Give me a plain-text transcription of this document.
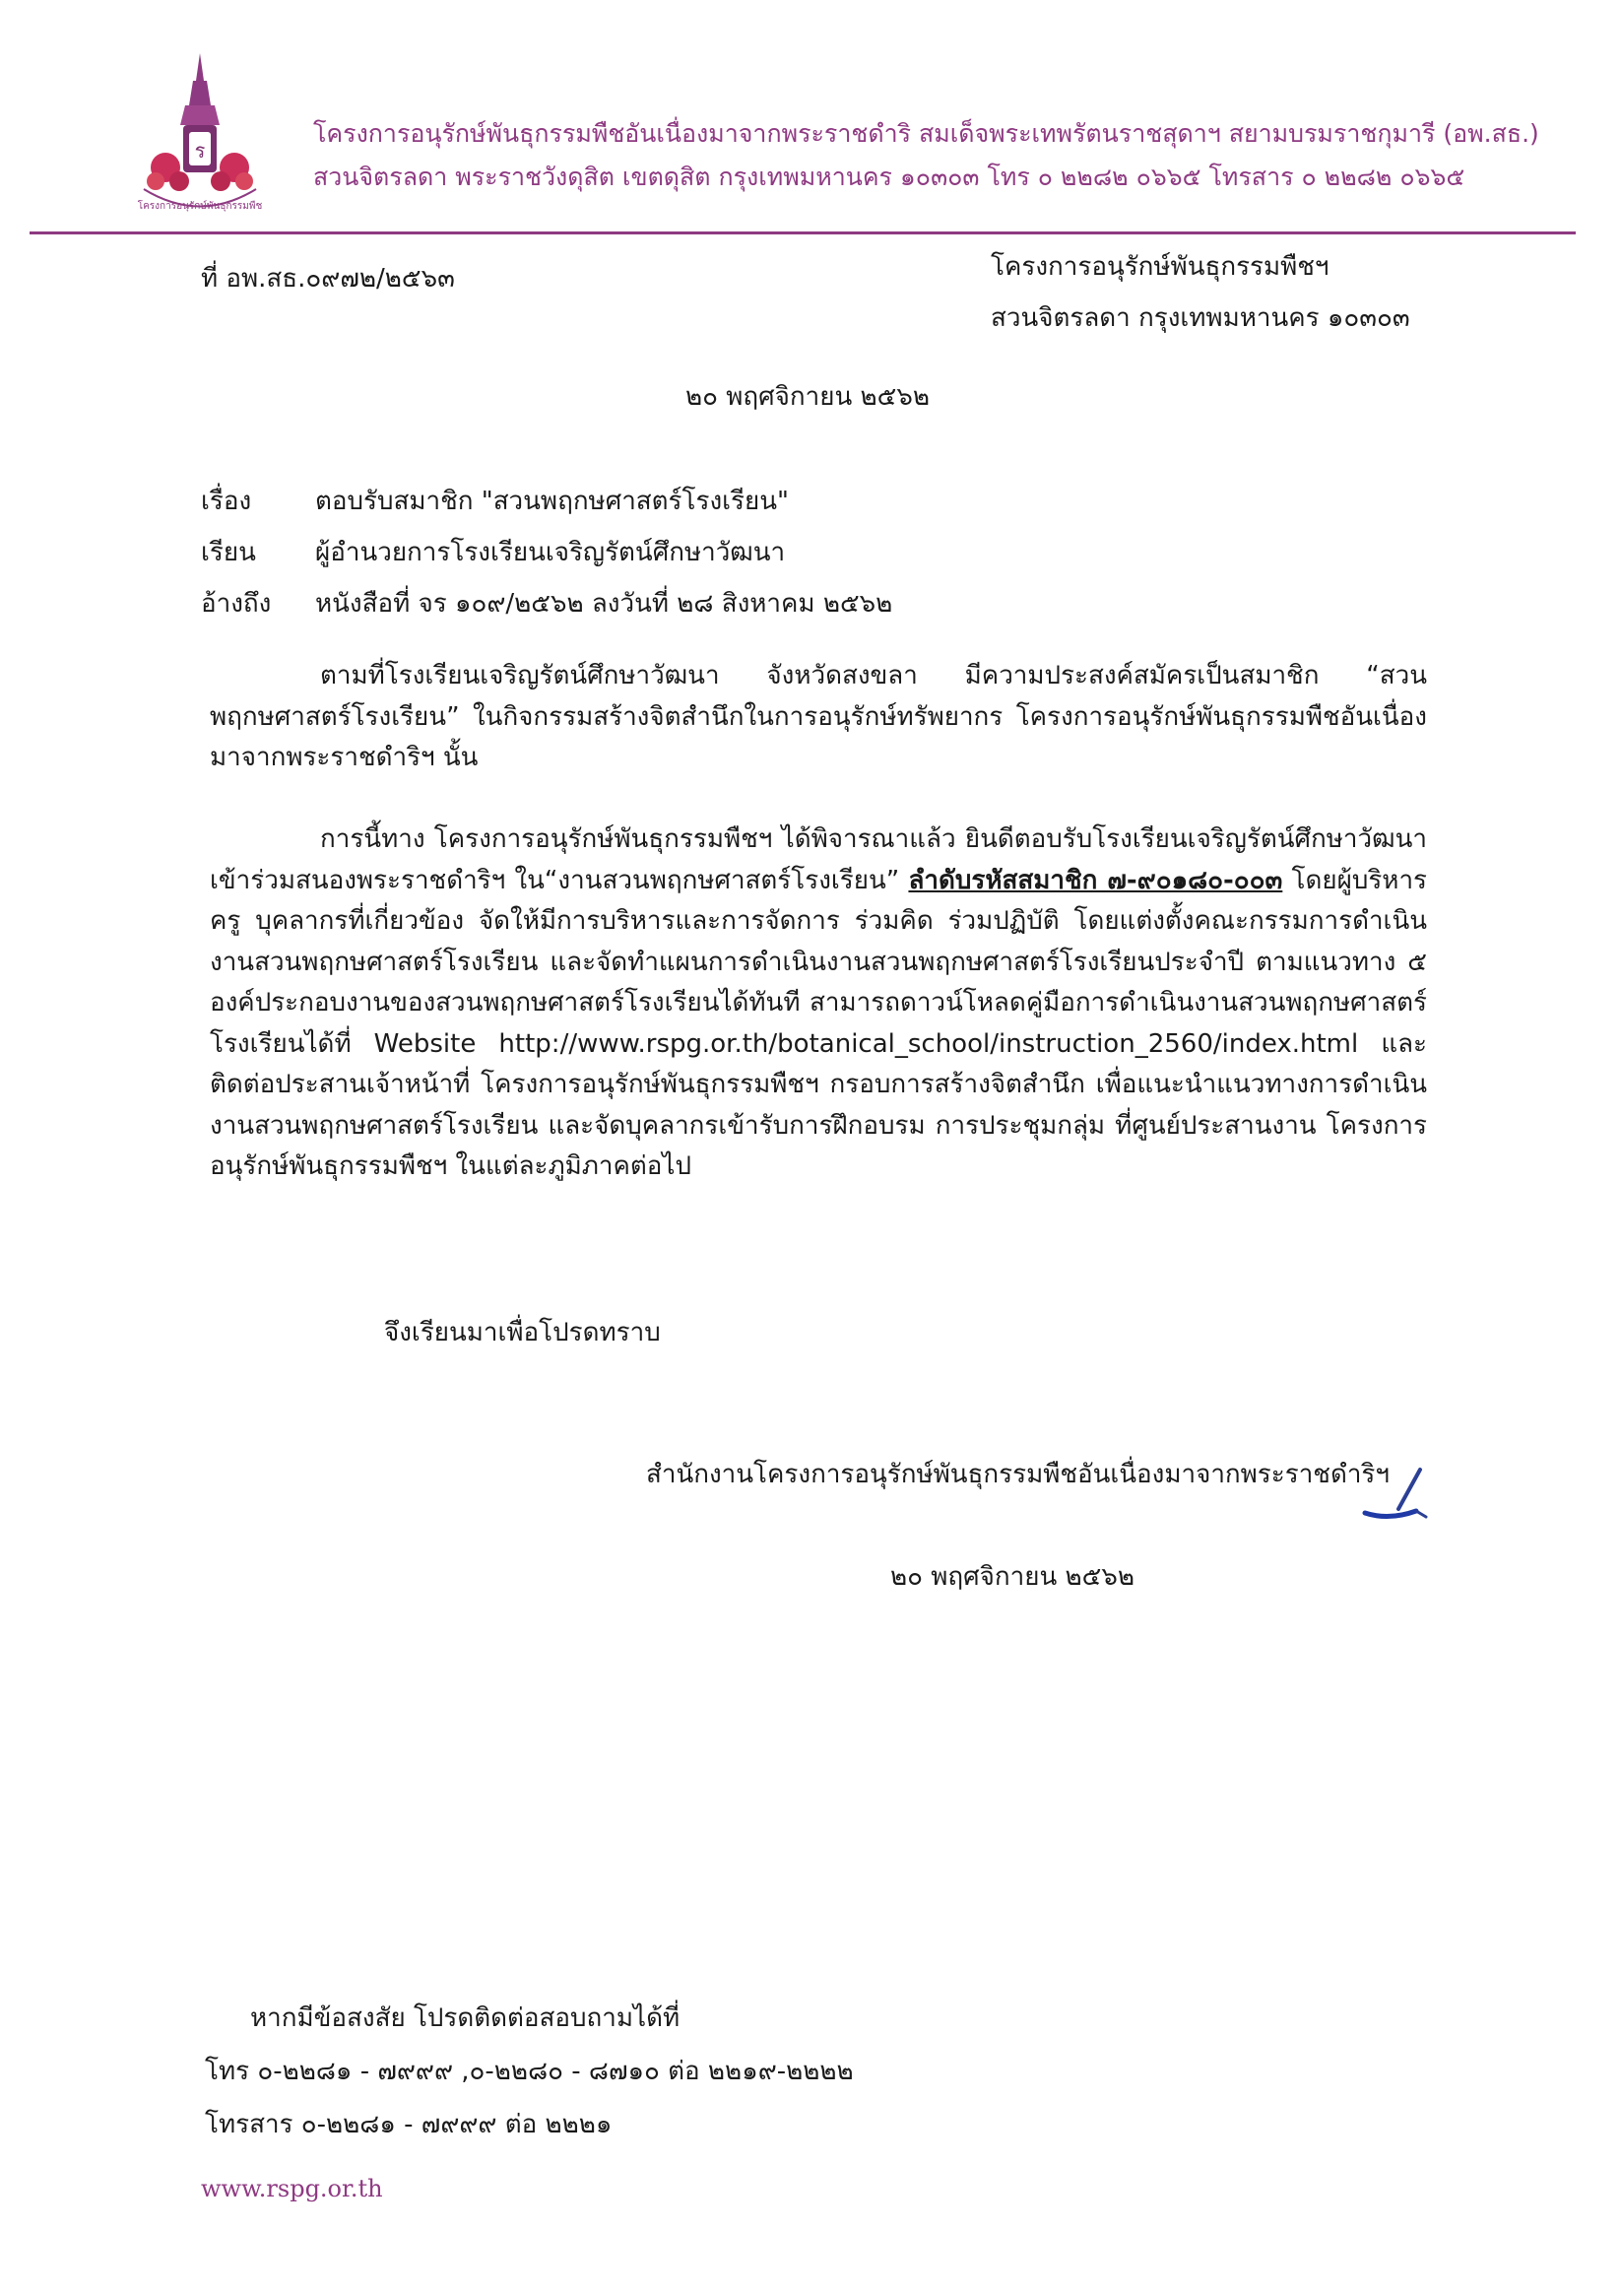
ร
โครงการอนุรักษ์พันธุกรรมพืช
โครงการอนุรักษ์พันธุกรรมพืชอันเนื่องมาจากพระราชดำริ สมเด็จพระเทพรัตนราชสุดาฯ สยามบรมราชกุมารี (อพ.สธ.)
สวนจิตรลดา พระราชวังดุสิต เขตดุสิต กรุงเทพมหานคร ๑๐๓๐๓ โทร ๐ ๒๒๘๒ ๐๖๖๕ โทรสาร ๐ ๒๒๘๒ ๐๖๖๕
ที่ อพ.สธ.๐๙๗๒/๒๕๖๓	โครงการอนุรักษ์พันธุกรรมพืชฯ
สวนจิตรลดา กรุงเทพมหานคร ๑๐๓๐๓
๒๐ พฤศจิกายน ๒๕๖๒
เรื่อง ตอบรับสมาชิก "สวนพฤกษศาสตร์โรงเรียน"
เรียน ผู้อำนวยการโรงเรียนเจริญรัตน์ศึกษาวัฒนา
อ้างถึง หนังสือที่ จร ๑๐๙/๒๕๖๒ ลงวันที่ ๒๘ สิงหาคม ๒๕๖๒
ตามที่โรงเรียนเจริญรัตน์ศึกษาวัฒนา จังหวัดสงขลา มีความประสงค์สมัครเป็นสมาชิก “สวนพฤกษศาสตร์โรงเรียน” ในกิจกรรมสร้างจิตสำนึกในการอนุรักษ์ทรัพยากร โครงการอนุรักษ์พันธุกรรมพืชอันเนื่องมาจากพระราชดำริฯ นั้น
การนี้ทาง โครงการอนุรักษ์พันธุกรรมพืชฯ ได้พิจารณาแล้ว ยินดีตอบรับโรงเรียนเจริญรัตน์ศึกษาวัฒนา เข้าร่วมสนองพระราชดำริฯ ใน“งานสวนพฤกษศาสตร์โรงเรียน” ลำดับรหัสสมาชิก ๗-๙๐๑๘๐-๐๐๓ โดยผู้บริหาร ครู บุคลากรที่เกี่ยวข้อง จัดให้มีการบริหารและการจัดการ ร่วมคิด ร่วมปฏิบัติ โดยแต่งตั้งคณะกรรมการดำเนินงานสวนพฤกษศาสตร์โรงเรียน และจัดทำแผนการดำเนินงานสวนพฤกษศาสตร์โรงเรียนประจำปี ตามแนวทาง ๕ องค์ประกอบงานของสวนพฤกษศาสตร์โรงเรียนได้ทันที สามารถดาวน์โหลดคู่มือการดำเนินงานสวนพฤกษศาสตร์โรงเรียนได้ที่ Website http://www.rspg.or.th/botanical_school/instruction_2560/index.html และติดต่อประสานเจ้าหน้าที่ โครงการอนุรักษ์พันธุกรรมพืชฯ กรอบการสร้างจิตสำนึก เพื่อแนะนำแนวทางการดำเนินงานสวนพฤกษศาสตร์โรงเรียน และจัดบุคลากรเข้ารับการฝึกอบรม การประชุมกลุ่ม ที่ศูนย์ประสานงาน โครงการอนุรักษ์พันธุกรรมพืชฯ ในแต่ละภูมิภาคต่อไป
จึงเรียนมาเพื่อโปรดทราบ
สำนักงานโครงการอนุรักษ์พันธุกรรมพืชอันเนื่องมาจากพระราชดำริฯ
๒๐ พฤศจิกายน ๒๕๖๒
หากมีข้อสงสัย โปรดติดต่อสอบถามได้ที่
โทร ๐-๒๒๘๑ - ๗๙๙๙ ,๐-๒๒๘๐ - ๘๗๑๐ ต่อ ๒๒๑๙-๒๒๒๒
โทรสาร ๐-๒๒๘๑ - ๗๙๙๙ ต่อ ๒๒๒๑
www.rspg.or.th
